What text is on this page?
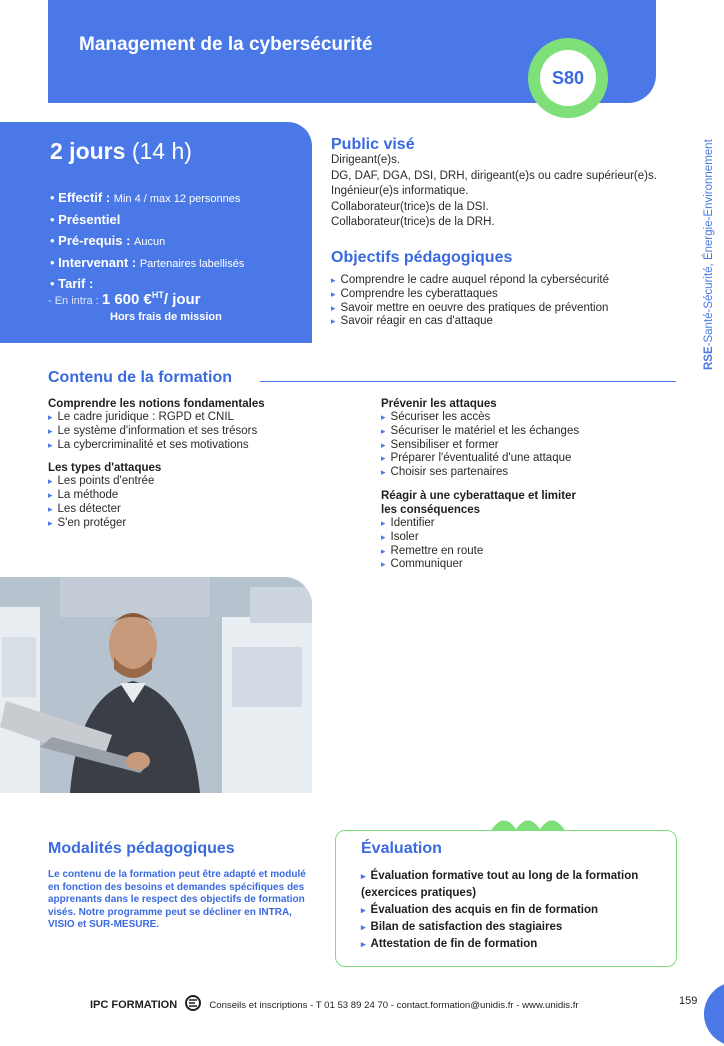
Management de la cybersécurité
S80
RSE-Santé-Sécurité, Énergie-Environnement

2 jours (14 h)

• Effectif : Min 4 / max 12 personnes
• Présentiel
• Pré-requis : Aucun
• Intervenant : Partenaires labellisés
• Tarif :
- En intra : 1 600 €$^{HT}$/ jour
Hors frais de mission
Public visé
Dirigeant(e)s.
DG, DAF, DGA, DSI, DRH, dirigeant(e)s ou cadre supérieur(e)s.
Ingénieur(e)s informatique.
Collaborateur(trice)s de la DSI.
Collaborateur(trice)s de la DRH.
Objectifs pédagogiques
▸ Comprendre le cadre auquel répond la cybersécurité
▸ Comprendre les cyberattaques
▸ Savoir mettre en oeuvre des pratiques de prévention
▸ Savoir réagir en cas d'attaque
Contenu de la formation

Comprendre les notions fondamentales

▸ Le cadre juridique : RGPD et CNIL
▸ Le système d'information et ses trésors
▸ La cybercriminalité et ses motivations

Les types d'attaques

▸ Les points d'entrée
▸ La méthode
▸ Les détecter
▸ S'en protéger

Prévenir les attaques

▸ Sécuriser les accès
▸ Sécuriser le matériel et les échanges
▸ Sensibiliser et former
▸ Préparer l'éventualité d'une attaque
▸ Choisir ses partenaires

Réagir à une cyberattaque et limiter
les conséquences

▸ Identifier
▸ Isoler
▸ Remettre en route
▸ Communiquer
Modalités pédagogiques

Le contenu de la formation peut être adapté et modulé en fonction des besoins et demandes spécifiques des apprenants dans le respect des objectifs de formation visés. Notre programme peut se décliner en INTRA, VISIO et SUR-MESURE.

Évaluation
▸ Évaluation formative tout au long de la formation (exercices pratiques)
▸ Évaluation des acquis en fin de formation
▸ Bilan de satisfaction des stagiaires
▸ Attestation de fin de formation
IPC FORMATION	Conseils et inscriptions - T 01 53 89 24 70 - contact.formation@unidis.fr - www.unidis.fr	159
